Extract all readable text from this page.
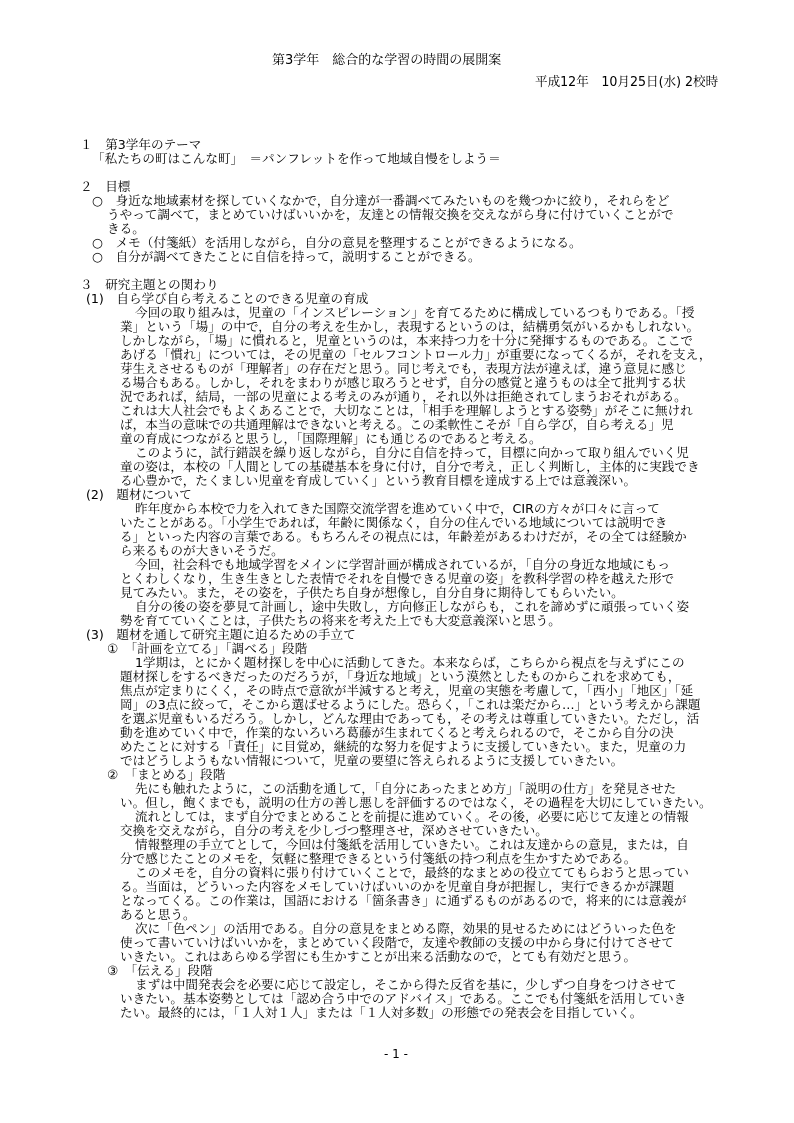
第3学年　総合的な学習の時間の展開案
平成12年　10月25日(水) 2校時
１　第3学年のテーマ
「私たちの町はこんな町」　＝パンフレットを作って地域自慢をしよう＝
２　目標
○　身近な地域素材を探していくなかで，自分達が一番調べてみたいものを幾つかに絞り，それらをど
うやって調べて，まとめていけばいいかを，友達との情報交換を交えながら身に付けていくことがで
きる。
○　メモ（付箋紙）を活用しながら，自分の意見を整理することができるようになる。
○　自分が調べてきたことに自信を持って，説明することができる。
３　研究主題との関わり
(1)　自ら学び自ら考えることのできる児童の育成
今回の取り組みは，児童の「インスピレーション」を育てるために構成しているつもりである。「授
業」という「場」の中で，自分の考えを生かし，表現するというのは，結構勇気がいるかもしれない。
しかしながら，「場」に慣れると，児童というのは，本来持つ力を十分に発揮するものである。ここで
あげる「慣れ」については，その児童の「セルフコントロール力」が重要になってくるが，それを支え，
芽生えさせるものが「理解者」の存在だと思う。同じ考えでも，表現方法が違えば，違う意見に感じ
る場合もある。しかし，それをまわりが感じ取ろうとせず，自分の感覚と違うものは全て批判する状
況であれば，結局，一部の児童による考えのみが通り，それ以外は拒絶されてしまうおそれがある。
これは大人社会でもよくあることで，大切なことは，「相手を理解しようとする姿勢」がそこに無けれ
ば，本当の意味での共通理解はできないと考える。この柔軟性こそが「自ら学び，自ら考える」児
童の育成につながると思うし，「国際理解」にも通じるのであると考える。
このように，試行錯誤を繰り返しながら，自分に自信を持って，目標に向かって取り組んでいく児
童の姿は，本校の「人間としての基礎基本を身に付け，自分で考え，正しく判断し，主体的に実践でき
る心豊かで，たくましい児童を育成していく」という教育目標を達成する上では意義深い。
(2)　題材について
昨年度から本校で力を入れてきた国際交流学習を進めていく中で，CIRの方々が口々に言って
いたことがある。「小学生であれば，年齢に関係なく，自分の住んでいる地域については説明でき
る」といった内容の言葉である。もちろんその視点には，年齢差があるわけだが，その全ては経験か
ら来るものが大きいそうだ。
今回，社会科でも地域学習をメインに学習計画が構成されているが，「自分の身近な地域にもっ
とくわしくなり，生き生きとした表情でそれを自慢できる児童の姿」を教科学習の枠を越えた形で
見てみたい。また，その姿を，子供たち自身が想像し，自分自身に期待してもらいたい。
自分の後の姿を夢見て計画し，途中失敗し，方向修正しながらも，これを諦めずに頑張っていく姿
勢を育てていくことは，子供たちの将来を考えた上でも大変意義深いと思う。
(3)　題材を通して研究主題に迫るための手立て
①　「計画を立てる」「調べる」段階
1学期は，とにかく題材探しを中心に活動してきた。本来ならば，こちらから視点を与えずにこの
題材探しをするべきだったのだろうが，「身近な地域」という漠然としたものからこれを求めても，
焦点が定まりにくく，その時点で意欲が半減すると考え，児童の実態を考慮して，「西小」「地区」「延
岡」の3点に絞って，そこから選ばせるようにした。恐らく，「これは楽だから…」という考えから課題
を選ぶ児童もいるだろう。しかし，どんな理由であっても，その考えは尊重していきたい。ただし，活
動を進めていく中で，作業的ないろいろ葛藤が生まれてくると考えられるので，そこから自分の決
めたことに対する「責任」に目覚め，継続的な努力を促すように支援していきたい。また，児童の力
ではどうしようもない情報について，児童の要望に答えられるように支援していきたい。
②　「まとめる」段階
先にも触れたように，この活動を通して，「自分にあったまとめ方」「説明の仕方」を発見させた
い。但し，飽くまでも，説明の仕方の善し悪しを評価するのではなく，その過程を大切にしていきたい。
流れとしては，まず自分でまとめることを前提に進めていく。その後，必要に応じて友達との情報
交換を交えながら，自分の考えを少しづつ整理させ，深めさせていきたい。
情報整理の手立てとして，今回は付箋紙を活用していきたい。これは友達からの意見，または，自
分で感じたことのメモを，気軽に整理できるという付箋紙の持つ利点を生かすためである。
このメモを，自分の資料に張り付けていくことで，最終的なまとめの役立ててもらおうと思ってい
る。当面は，どういった内容をメモしていけばいいのかを児童自身が把握し，実行できるかが課題
となってくる。この作業は，国語における「箇条書き」に通ずるものがあるので，将来的には意義が
あると思う。
次に「色ペン」の活用である。自分の意見をまとめる際，効果的見せるためにはどういった色を
使って書いていけばいいかを，まとめていく段階で，友達や教師の支援の中から身に付けてさせて
いきたい。これはあらゆる学習にも生かすことが出来る活動なので，とても有効だと思う。
③　「伝える」段階
まずは中間発表会を必要に応じて設定し，そこから得た反省を基に，少しずつ自身をつけさせて
いきたい。基本姿勢としては「認め合う中でのアドバイス」である。ここでも付箋紙を活用していき
たい。最終的には，「１人対１人」または「１人対多数」の形態での発表会を目指していく。
- 1 -
